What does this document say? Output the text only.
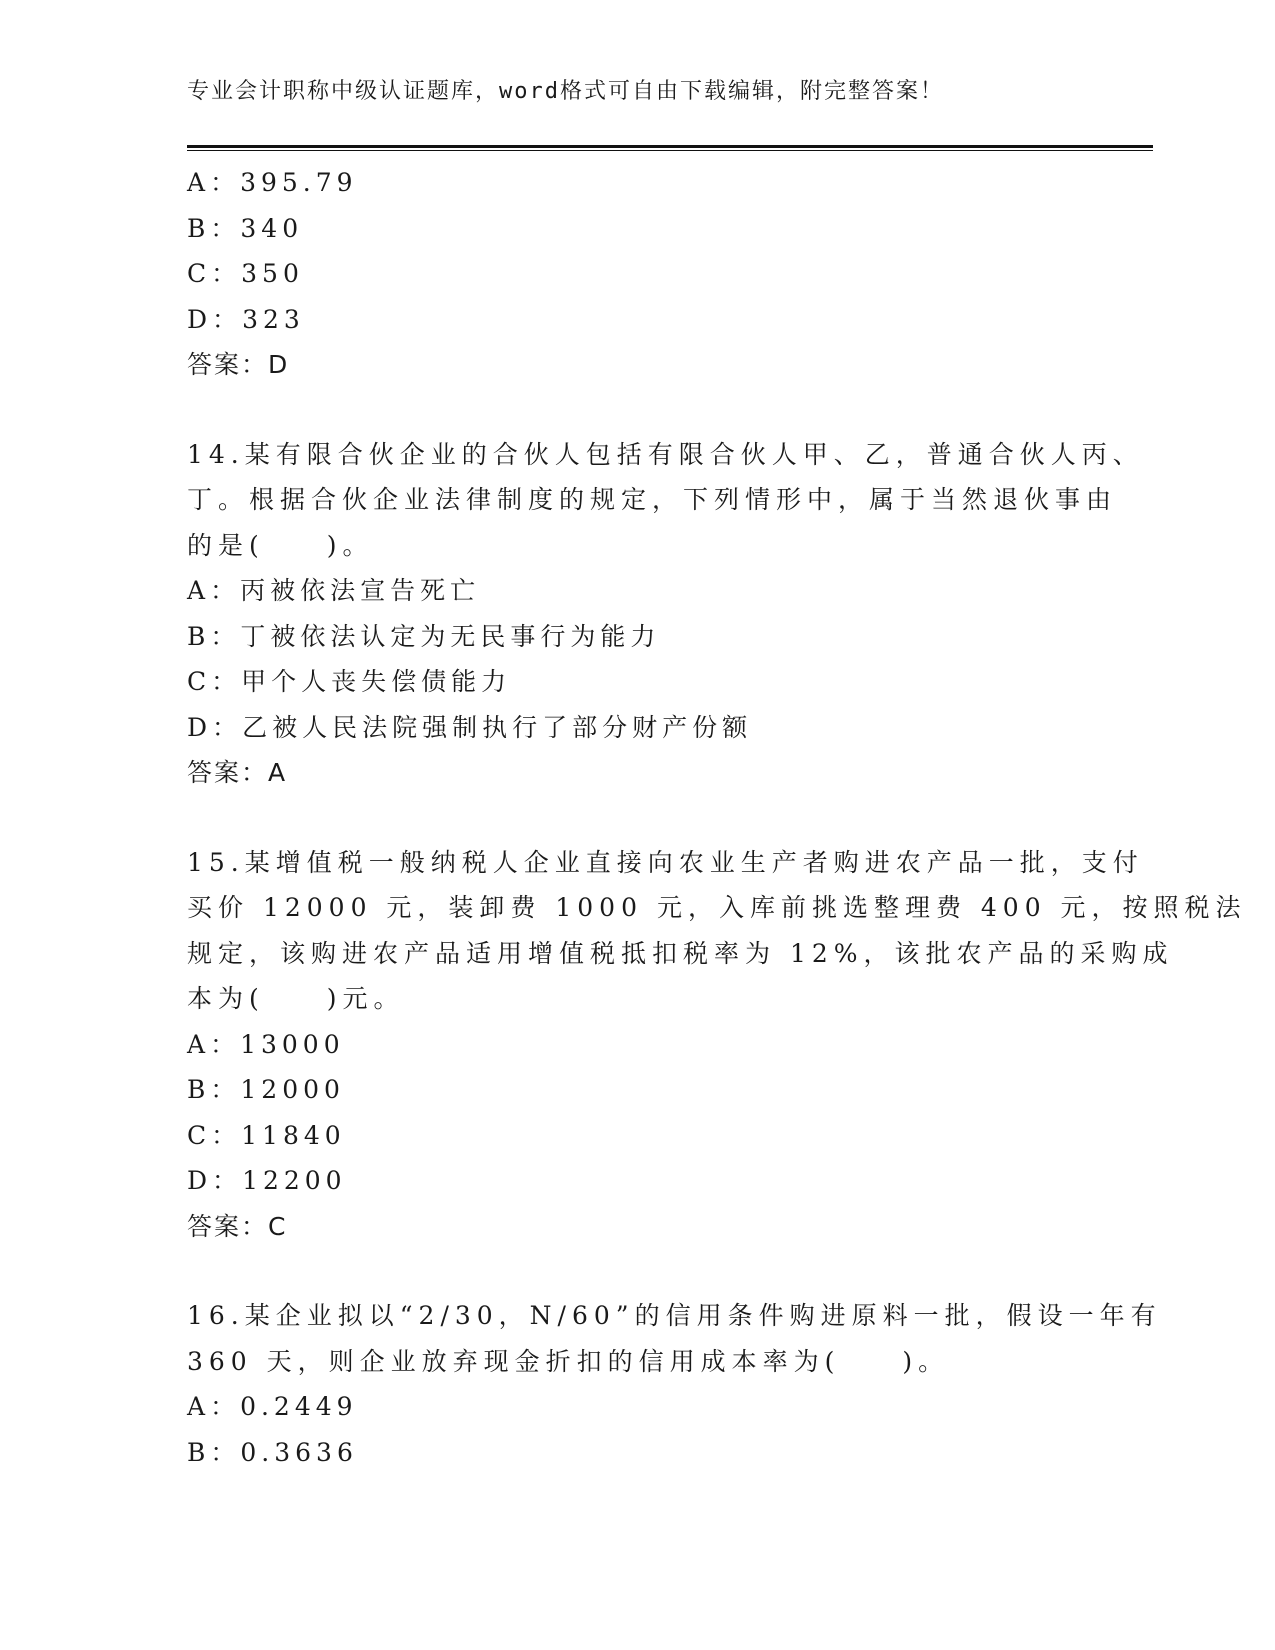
专业会计职称中级认证题库，word格式可自由下载编辑，附完整答案！

A：395.79

B：340

C：350

D：323

答案：D

14.某有限合伙企业的合伙人包括有限合伙人甲、乙，普通合伙人丙、

丁。根据合伙企业法律制度的规定，下列情形中，属于当然退伙事由

的是(　　)。

A：丙被依法宣告死亡

B：丁被依法认定为无民事行为能力

C：甲个人丧失偿债能力

D：乙被人民法院强制执行了部分财产份额

答案：A

15.某增值税一般纳税人企业直接向农业生产者购进农产品一批，支付

买价 12000 元，装卸费 1000 元，入库前挑选整理费 400 元，按照税法

规定，该购进农产品适用增值税抵扣税率为 12%，该批农产品的采购成

本为(　　)元。

A：13000

B：12000

C：11840

D：12200

答案：C

16.某企业拟以“2/30，N/60”的信用条件购进原料一批，假设一年有

360 天，则企业放弃现金折扣的信用成本率为(　　)。

A：0.2449

B：0.3636
